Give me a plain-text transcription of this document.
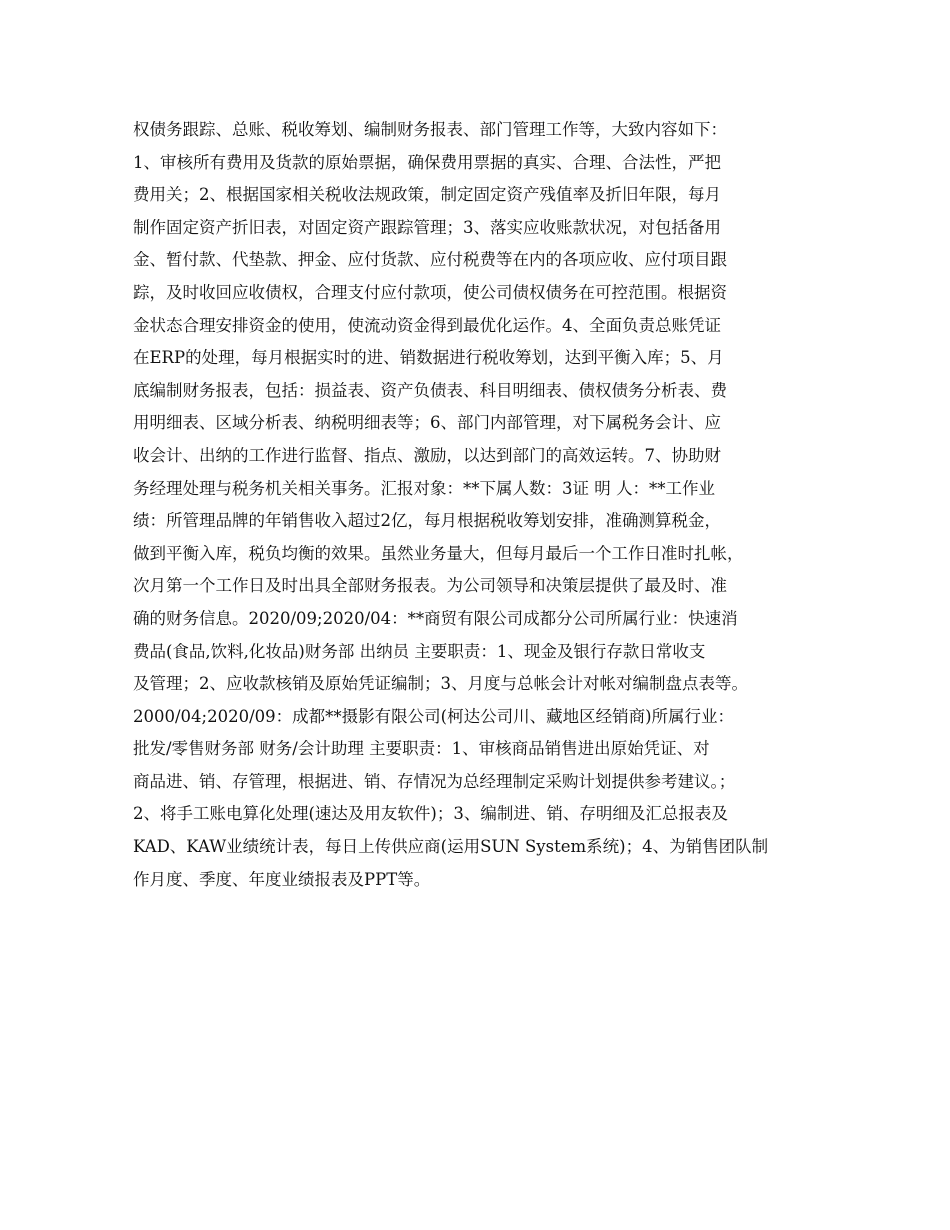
权债务跟踪、总账、税收筹划、编制财务报表、部门管理工作等，大致内容如下：
1、审核所有费用及货款的原始票据，确保费用票据的真实、合理、合法性，严把
费用关；2、根据国家相关税收法规政策，制定固定资产残值率及折旧年限，每月
制作固定资产折旧表，对固定资产跟踪管理；3、落实应收账款状况，对包括备用
金、暂付款、代垫款、押金、应付货款、应付税费等在内的各项应收、应付项目跟
踪，及时收回应收债权，合理支付应付款项，使公司债权债务在可控范围。根据资
金状态合理安排资金的使用，使流动资金得到最优化运作。4、全面负责总账凭证
在ERP的处理，每月根据实时的进、销数据进行税收筹划，达到平衡入库；5、月
底编制财务报表，包括：损益表、资产负债表、科目明细表、债权债务分析表、费
用明细表、区域分析表、纳税明细表等；6、部门内部管理，对下属税务会计、应
收会计、出纳的工作进行监督、指点、激励，以达到部门的高效运转。7、协助财
务经理处理与税务机关相关事务。汇报对象：**下属人数：3证 明 人：**工作业
绩：所管理品牌的年销售收入超过2亿，每月根据税收筹划安排，准确测算税金，
做到平衡入库，税负均衡的效果。虽然业务量大，但每月最后一个工作日准时扎帐，
次月第一个工作日及时出具全部财务报表。为公司领导和决策层提供了最及时、准
确的财务信息。2020/09;2020/04：**商贸有限公司成都分公司所属行业：快速消
费品(食品,饮料,化妆品)财务部 出纳员 主要职责：1、现金及银行存款日常收支
及管理；2、应收款核销及原始凭证编制；3、月度与总帐会计对帐对编制盘点表等。
2000/04;2020/09：成都**摄影有限公司(柯达公司川、藏地区经销商)所属行业：
批发/零售财务部 财务/会计助理 主要职责：1、审核商品销售进出原始凭证、对
商品进、销、存管理，根据进、销、存情况为总经理制定采购计划提供参考建议。；
2、将手工账电算化处理(速达及用友软件)；3、编制进、销、存明细及汇总报表及
KAD、KAW业绩统计表，每日上传供应商(运用SUN System系统)；4、为销售团队制
作月度、季度、年度业绩报表及PPT等。
